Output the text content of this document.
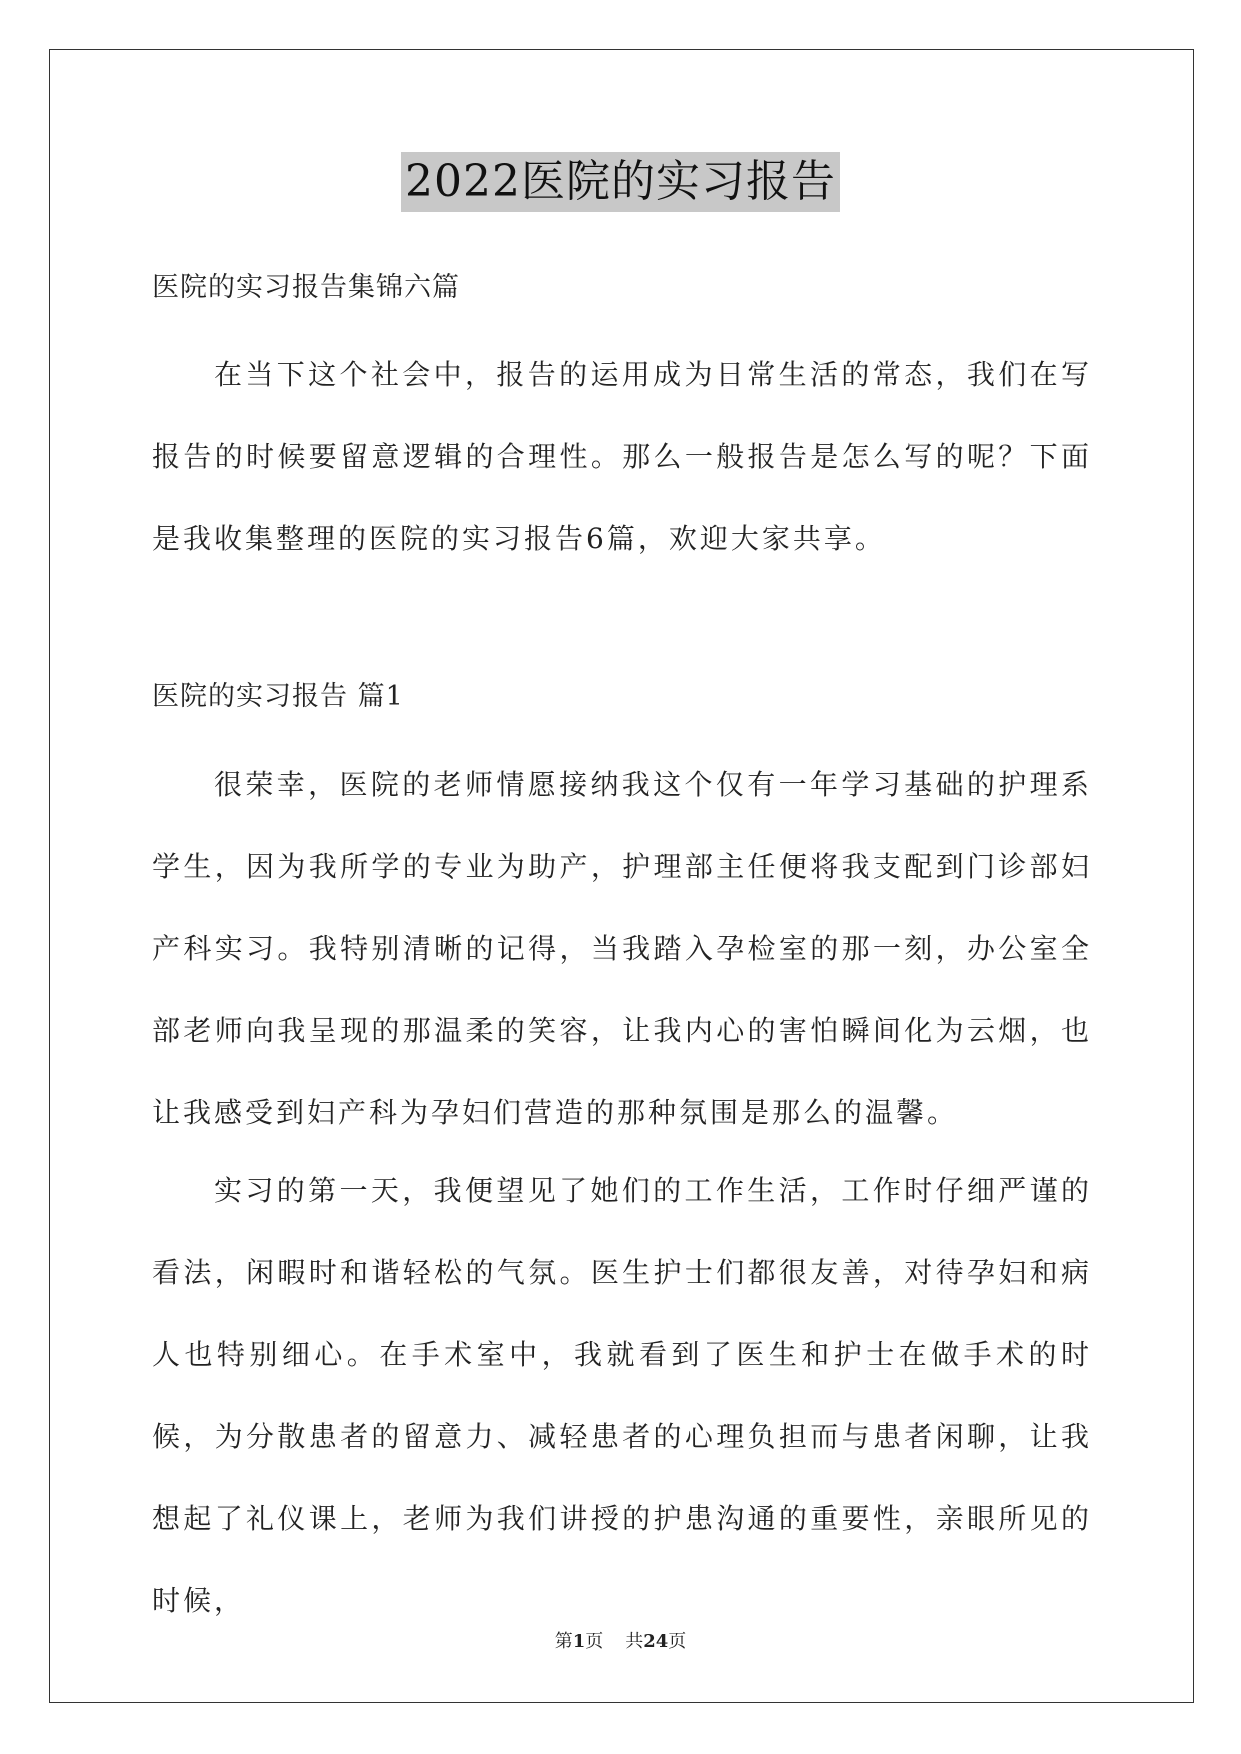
2022医院的实习报告
医院的实习报告集锦六篇

在当下这个社会中，报告的运用成为日常生活的常态，我们在写报告的时候要留意逻辑的合理性。那么一般报告是怎么写的呢？下面是我收集整理的医院的实习报告6篇，欢迎大家共享。

医院的实习报告 篇1

很荣幸，医院的老师情愿接纳我这个仅有一年学习基础的护理系学生，因为我所学的专业为助产，护理部主任便将我支配到门诊部妇产科实习。我特别清晰的记得，当我踏入孕检室的那一刻，办公室全部老师向我呈现的那温柔的笑容，让我内心的害怕瞬间化为云烟，也让我感受到妇产科为孕妇们营造的那种氛围是那么的温馨。

实习的第一天，我便望见了她们的工作生活，工作时仔细严谨的看法，闲暇时和谐轻松的气氛。医生护士们都很友善，对待孕妇和病人也特别细心。在手术室中，我就看到了医生和护士在做手术的时候，为分散患者的留意力、减轻患者的心理负担而与患者闲聊，让我想起了礼仪课上，老师为我们讲授的护患沟通的重要性，亲眼所见的时候，

第1页 共24页
